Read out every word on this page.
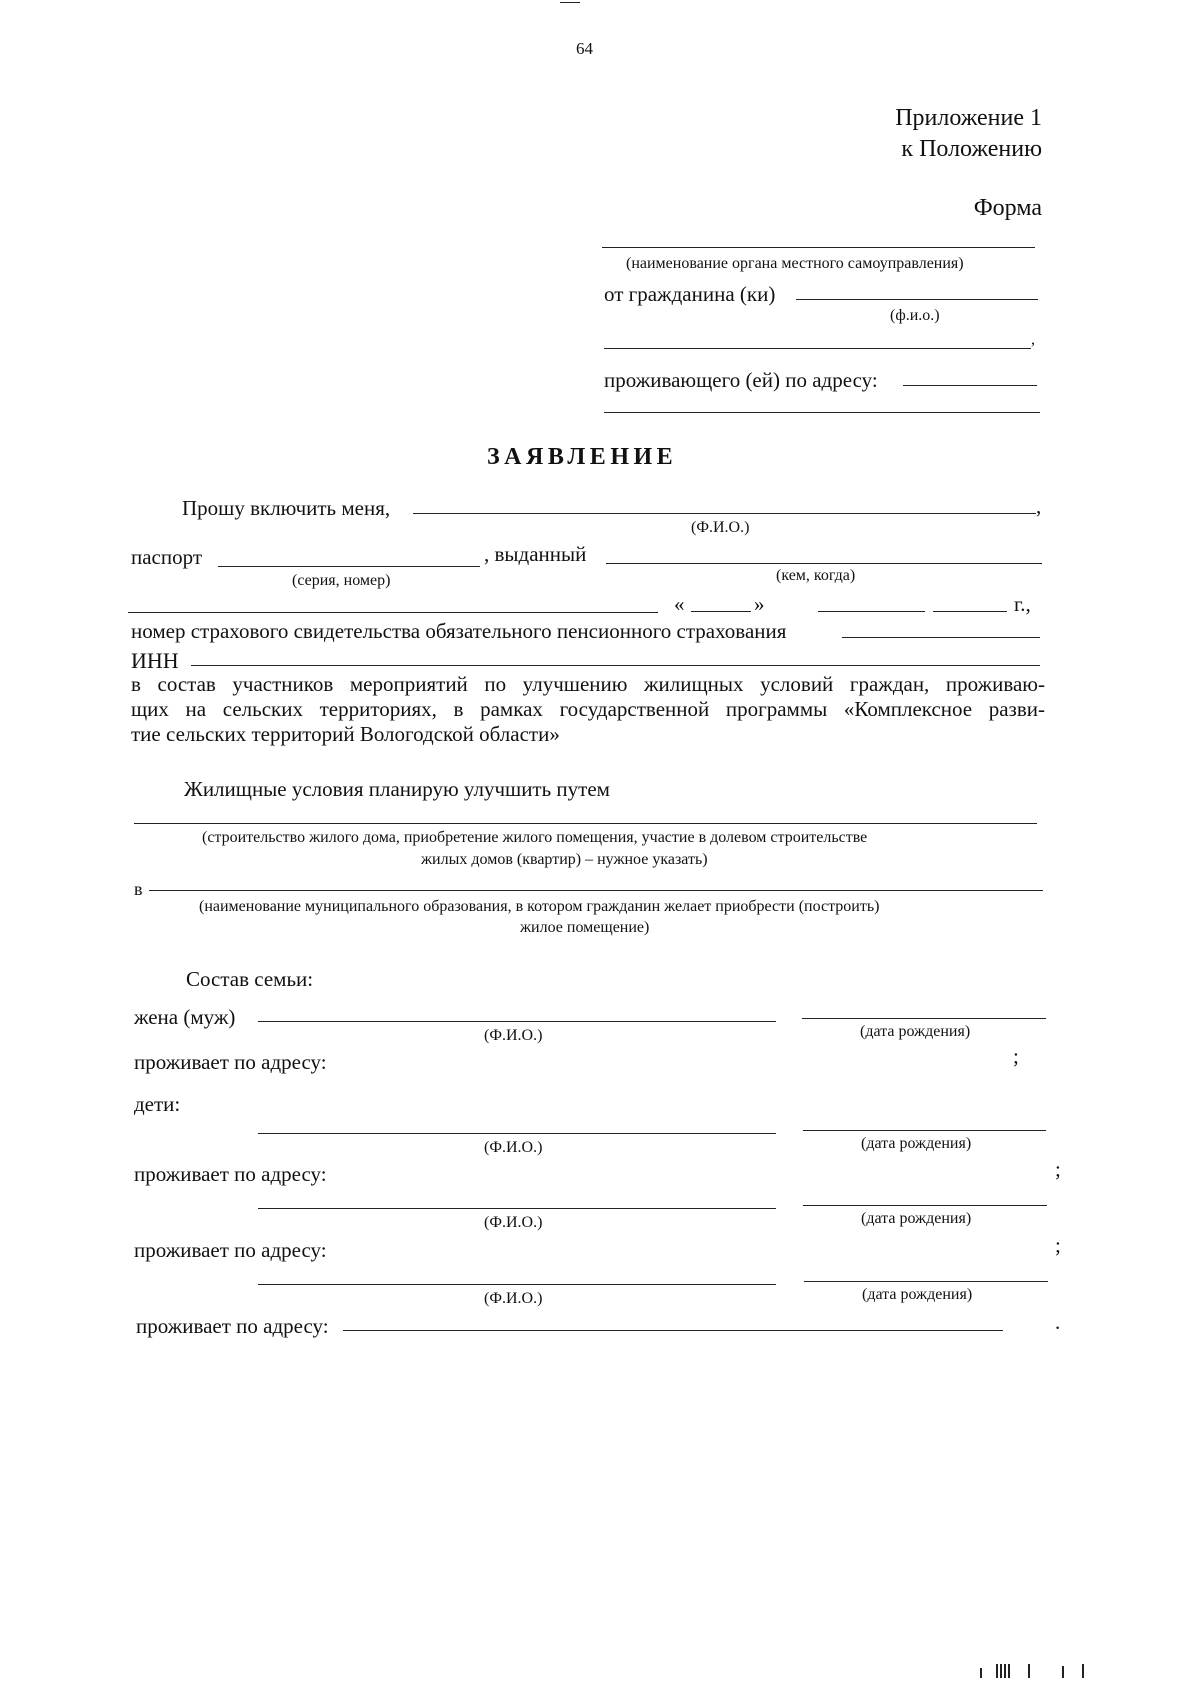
64
Приложение 1
к Положению
Форма
(наименование органа местного самоуправления)
от гражданина (ки)
(ф.и.о.)
,
проживающего (ей) по адресу:
ЗАЯВЛЕНИЕ
Прошу включить меня,	,
(Ф.И.О.)
паспорт	, выданный
(серия, номер)	(кем, когда)
«	»	г.,
номер страхового свидетельства обязательного пенсионного страхования
ИНН
в состав участников мероприятий по улучшению жилищных условий граждан, проживаю-
щих на сельских территориях, в рамках государственной программы «Комплексное разви-
тие сельских территорий Вологодской области»
Жилищные условия планирую улучшить путем
(строительство жилого дома, приобретение жилого помещения, участие в долевом строительстве
жилых домов (квартир) – нужное указать)
в
(наименование муниципального образования, в котором гражданин желает приобрести (построить)
жилое помещение)
Состав семьи:
жена (муж)
(Ф.И.О.)	(дата рождения)
проживает по адресу:	;
дети:
(Ф.И.О.)	(дата рождения)
проживает по адресу:	;
(Ф.И.О.)	(дата рождения)
проживает по адресу:	;
(Ф.И.О.)	(дата рождения)
проживает по адресу:	.
